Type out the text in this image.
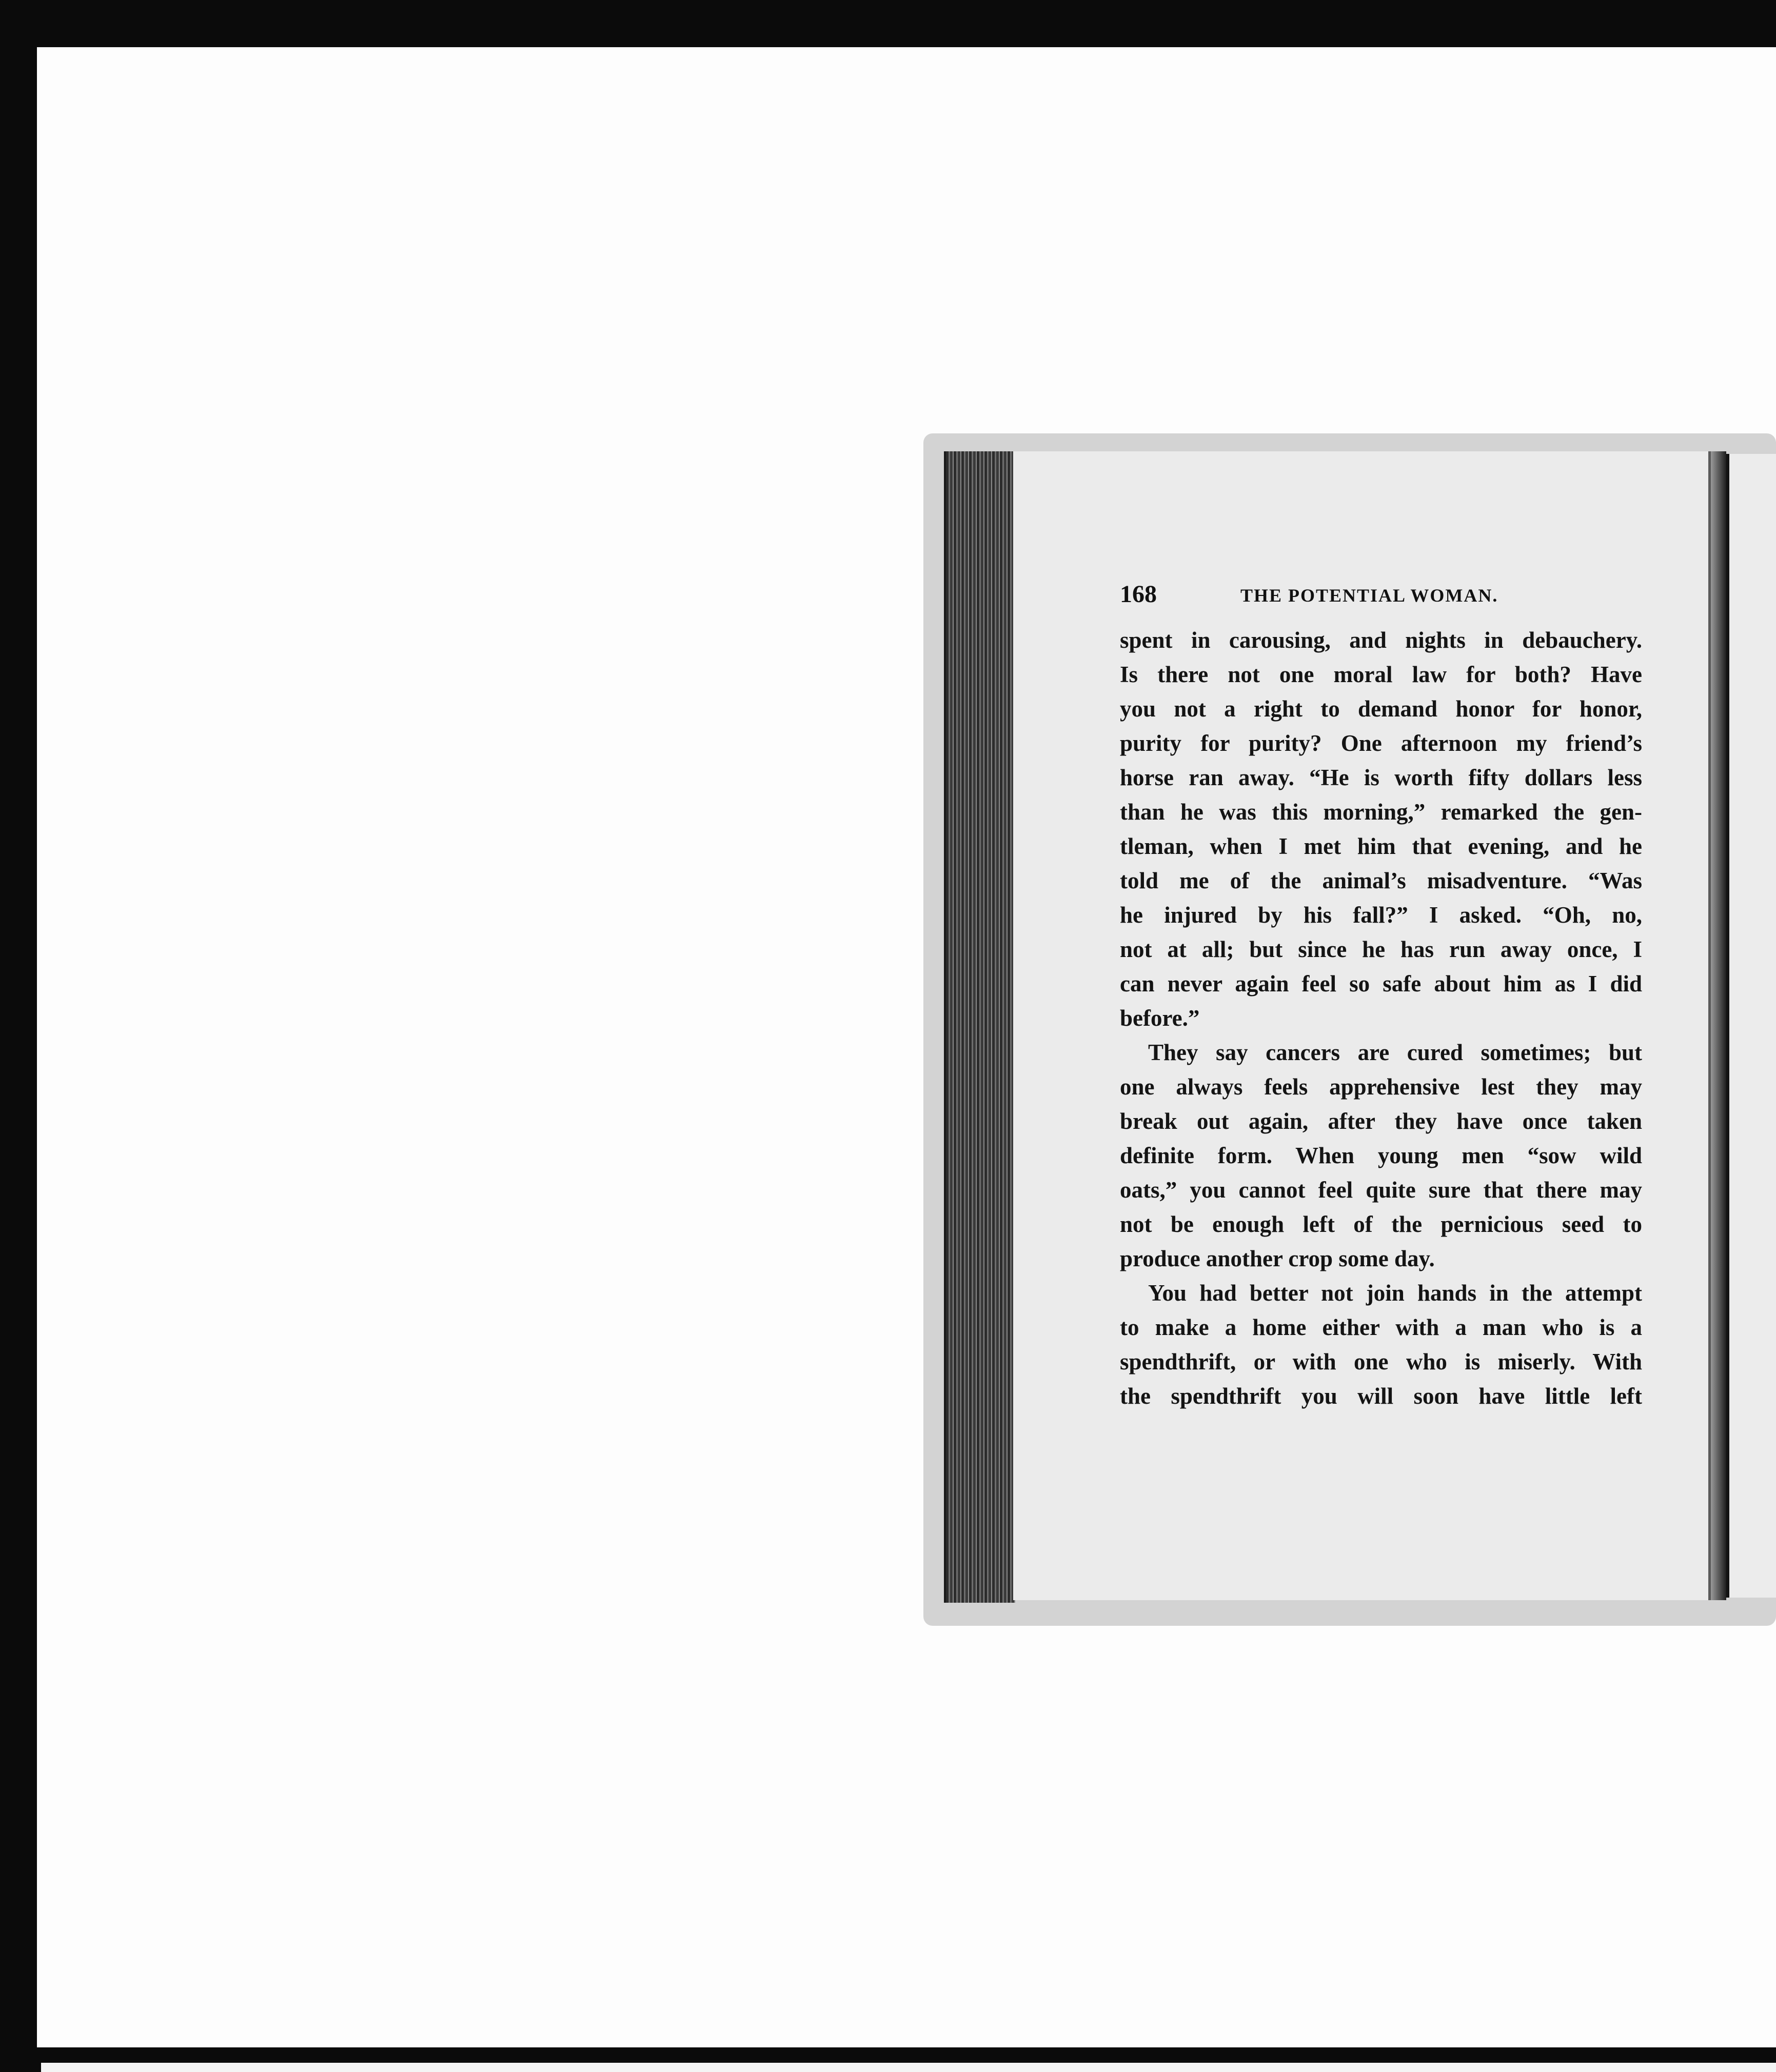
168	THE POTENTIAL WOMAN.
spent in carousing, and nights in debauchery.
Is there not one moral law for both? Have
you not a right to demand honor for honor,
purity for purity? One afternoon my friend’s
horse ran away. “He is worth fifty dollars less
than he was this morning,” remarked the gen-
tleman, when I met him that evening, and he
told me of the animal’s misadventure. “Was
he injured by his fall?” I asked. “Oh, no,
not at all; but since he has run away once, I
can never again feel so safe about him as I did
before.”
They say cancers are cured sometimes; but
one always feels apprehensive lest they may
break out again, after they have once taken
definite form. When young men “sow wild
oats,” you cannot feel quite sure that there may
not be enough left of the pernicious seed to
produce another crop some day.
You had better not join hands in the attempt
to make a home either with a man who is a
spendthrift, or with one who is miserly. With
the spendthrift you will soon have little left
